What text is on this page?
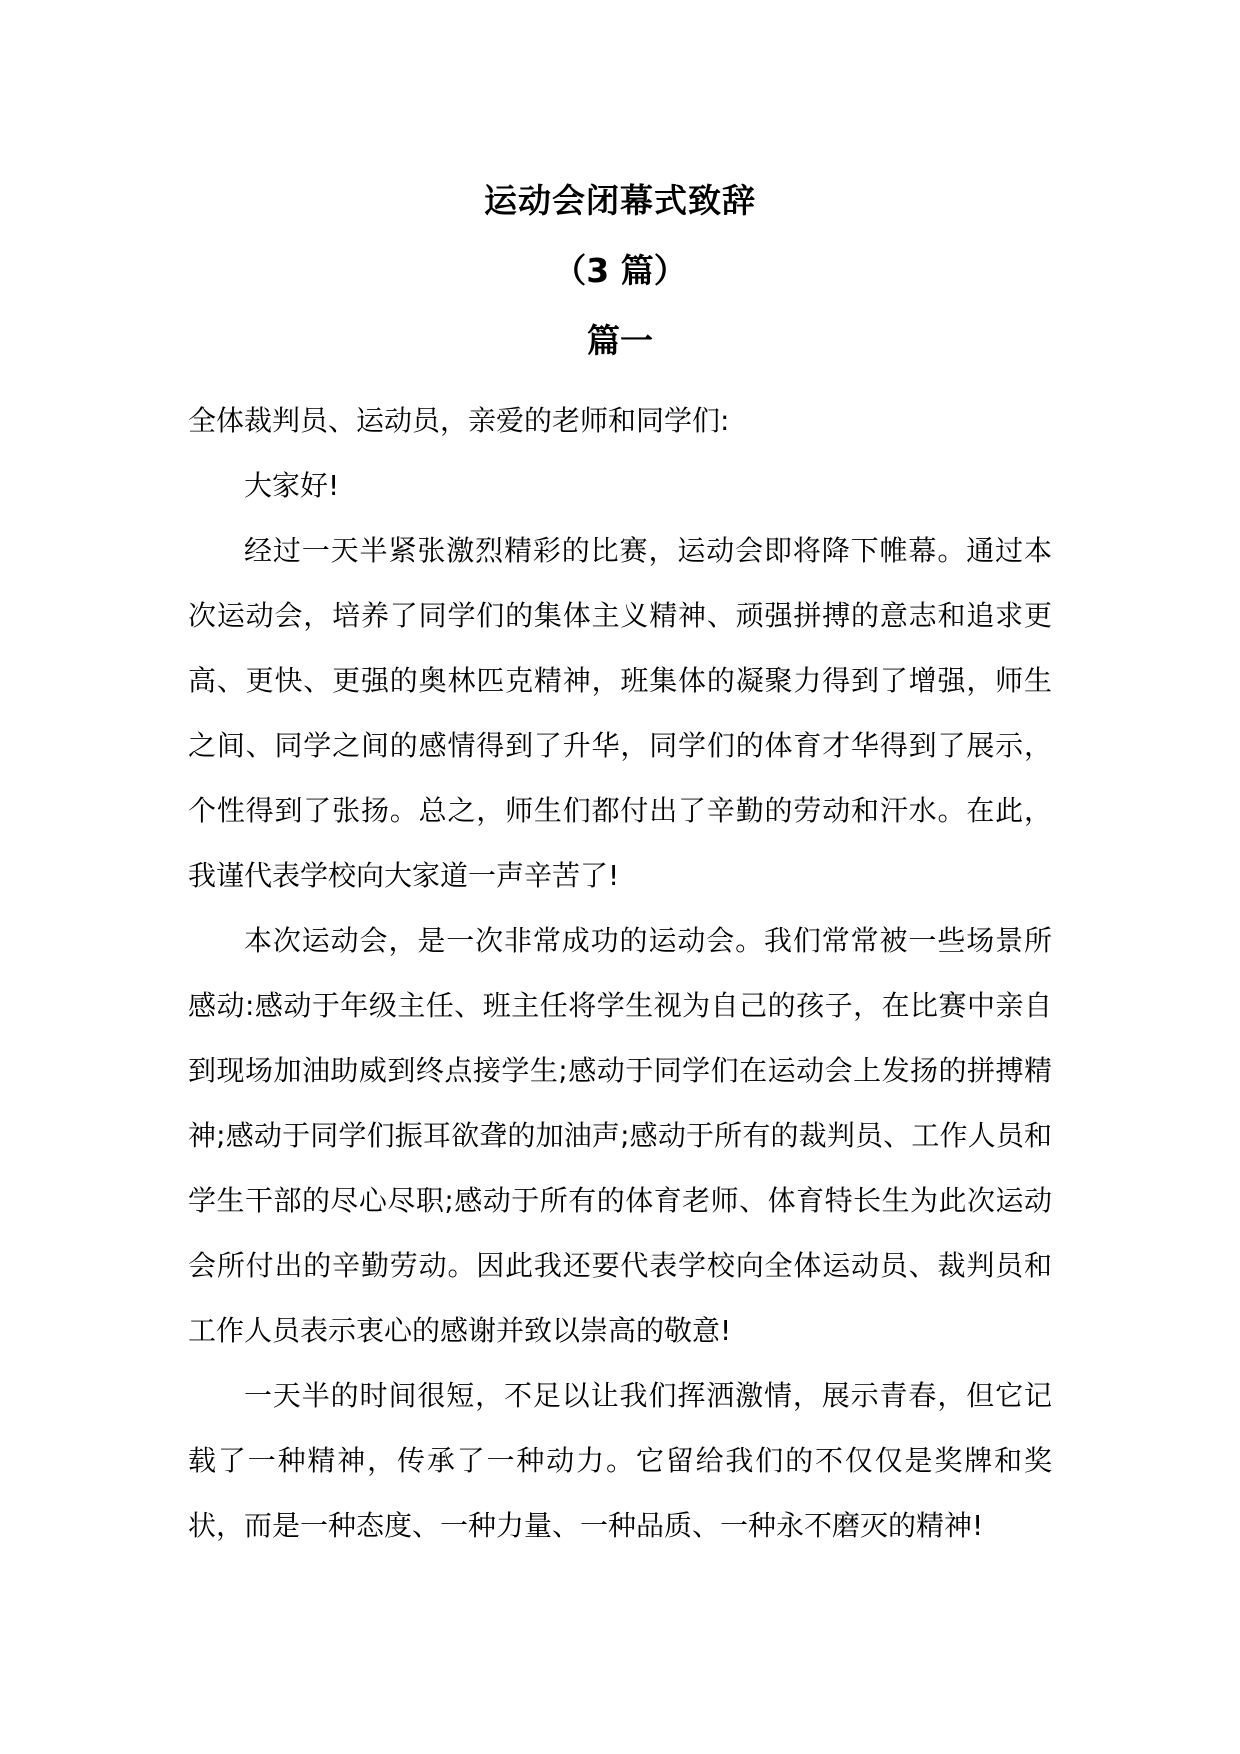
运动会闭幕式致辞
（3 篇）
篇一

全体裁判员、运动员，亲爱的老师和同学们:

大家好!

经过一天半紧张激烈精彩的比赛，运动会即将降下帷幕。通过本次运动会，培养了同学们的集体主义精神、顽强拼搏的意志和追求更高、更快、更强的奥林匹克精神，班集体的凝聚力得到了增强，师生之间、同学之间的感情得到了升华，同学们的体育才华得到了展示，个性得到了张扬。总之，师生们都付出了辛勤的劳动和汗水。在此，我谨代表学校向大家道一声辛苦了!

本次运动会，是一次非常成功的运动会。我们常常被一些场景所感动:感动于年级主任、班主任将学生视为自己的孩子，在比赛中亲自到现场加油助威到终点接学生;感动于同学们在运动会上发扬的拼搏精神;感动于同学们振耳欲聋的加油声;感动于所有的裁判员、工作人员和学生干部的尽心尽职;感动于所有的体育老师、体育特长生为此次运动会所付出的辛勤劳动。因此我还要代表学校向全体运动员、裁判员和工作人员表示衷心的感谢并致以崇高的敬意!

一天半的时间很短，不足以让我们挥洒激情，展示青春，但它记载了一种精神，传承了一种动力。它留给我们的不仅仅是奖牌和奖状，而是一种态度、一种力量、一种品质、一种永不磨灭的精神!
